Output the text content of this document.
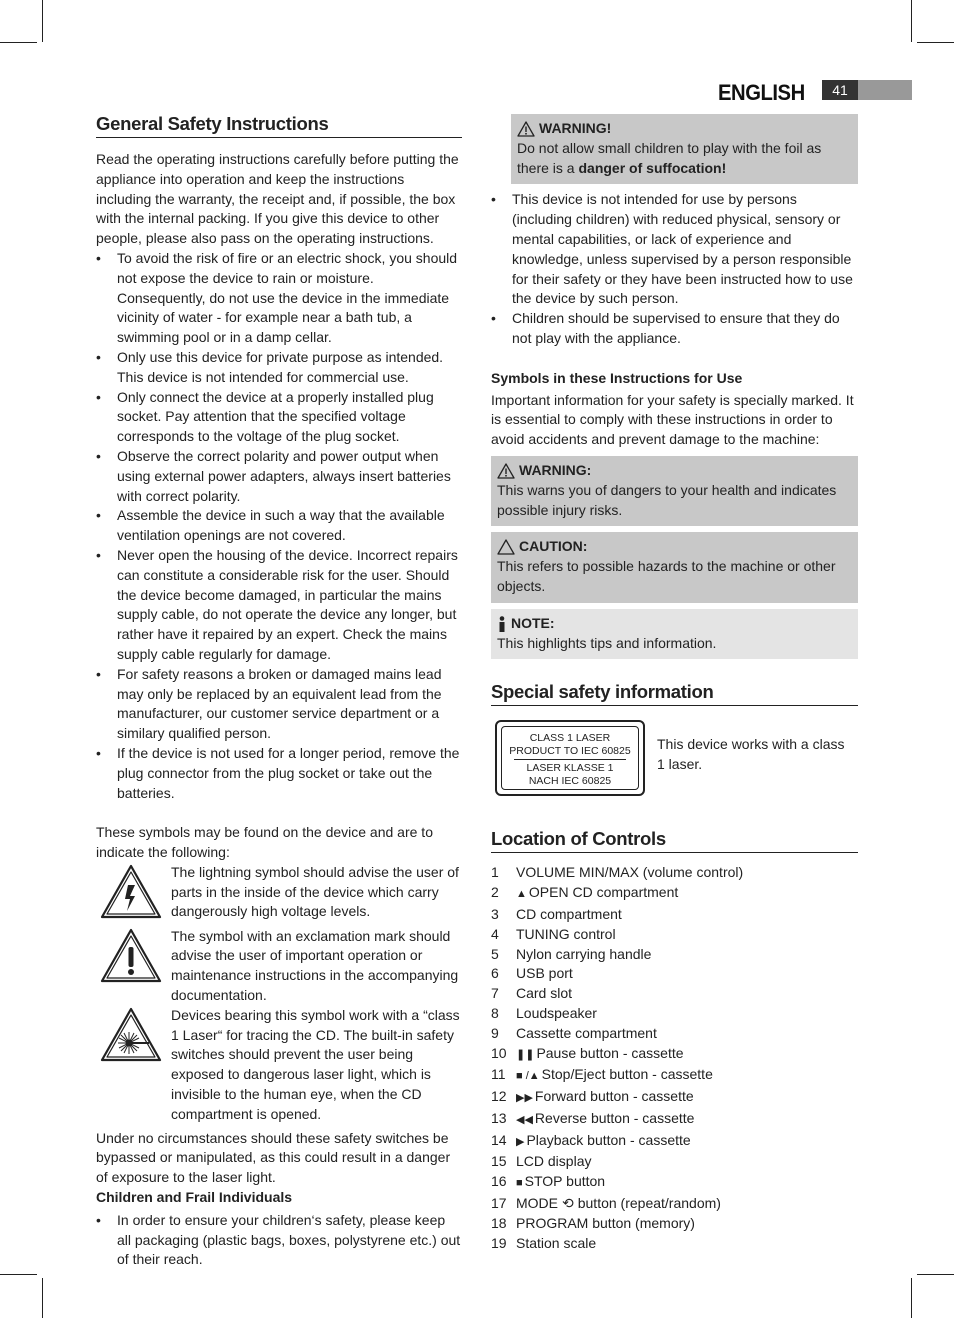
ENGLISH	41
General Safety Instructions

Read the operating instructions carefully before putting the appliance into operation and keep the instructions including the warranty, the receipt and, if possible, the box with the internal packing. If you give this device to other people, please also pass on the operating instructions.

• To avoid the risk of fire or an electric shock, you should not expose the device to rain or moisture. Consequently, do not use the device in the immediate vicinity of water - for example near a bath tub, a swimming pool or in a damp cellar.
• Only use this device for private purpose as intended. This device is not intended for commercial use.
• Only connect the device at a properly installed plug socket. Pay attention that the specified voltage corresponds to the voltage of the plug socket.
• Observe the correct polarity and power output when using external power adapters, always insert batteries with correct polarity.
• Assemble the device in such a way that the available ventilation openings are not covered.
• Never open the housing of the device. Incorrect repairs can constitute a considerable risk for the user. Should the device become damaged, in particular the mains supply cable, do not operate the device any longer, but rather have it repaired by an expert. Check the mains supply cable regularly for damage.
• For safety reasons a broken or damaged mains lead may only be replaced by an equivalent lead from the manufacturer, our customer service department or a similary qualified person.
• If the device is not used for a longer period, remove the plug connector from the plug socket or take out the batteries.

These symbols may be found on the device and are to indicate the following:

The lightning symbol should advise the user of parts in the inside of the device which carry dangerously high voltage levels.
The symbol with an exclamation mark should advise the user of important operation or maintenance instructions in the accompanying documentation.
Devices bearing this symbol work with a “class 1 Laser“ for tracing the CD. The built-in safety switches should prevent the user being exposed to dangerous laser light, which is invisible to the human eye, when the CD compartment is opened.

Under no circumstances should these safety switches be bypassed or manipulated, as this could result in a danger of exposure to the laser light.

Children and Frail Individuals

• In order to ensure your children‘s safety, please keep all packaging (plastic bags, boxes, polystyrene etc.) out of their reach.
WARNING!
Do not allow small children to play with the foil as there is a danger of suffocation!
• This device is not intended for use by persons (including children) with reduced physical, sensory or mental capabilities, or lack of experience and knowledge, unless supervised by a person responsible for their safety or they have been instructed how to use the device by such person.
• Children should be supervised to ensure that they do not play with the appliance.

Symbols in these Instructions for Use

Important information for your safety is specially marked. It is essential to comply with these instructions in order to avoid accidents and prevent damage to the machine:

WARNING:
This warns you of dangers to your health and indicates possible injury risks.
CAUTION:
This refers to possible hazards to the machine or other objects.
NOTE:
This highlights tips and information.
Special safety information
CLASS 1 LASER
PRODUCT TO IEC 60825
LASER KLASSE 1
NACH IEC 60825
This device works with a class 1 laser.
Location of Controls
1	VOLUME MIN/MAX (volume control)
2	▲ OPEN CD compartment
3	CD compartment
4	TUNING control
5	Nylon carrying handle
6	USB port
7	Card slot
8	Loudspeaker
9	Cassette compartment
10 ❚❚ Pause button - cassette
11 ■ /▲ Stop/Eject button - cassette
12 ▶▶ Forward button - cassette
13 ◀◀ Reverse button - cassette
14 ▶ Playback button - cassette
15 LCD display
16 ■ STOP button
17 MODE ⟲ button (repeat/random)
18 PROGRAM button (memory)
19 Station scale
